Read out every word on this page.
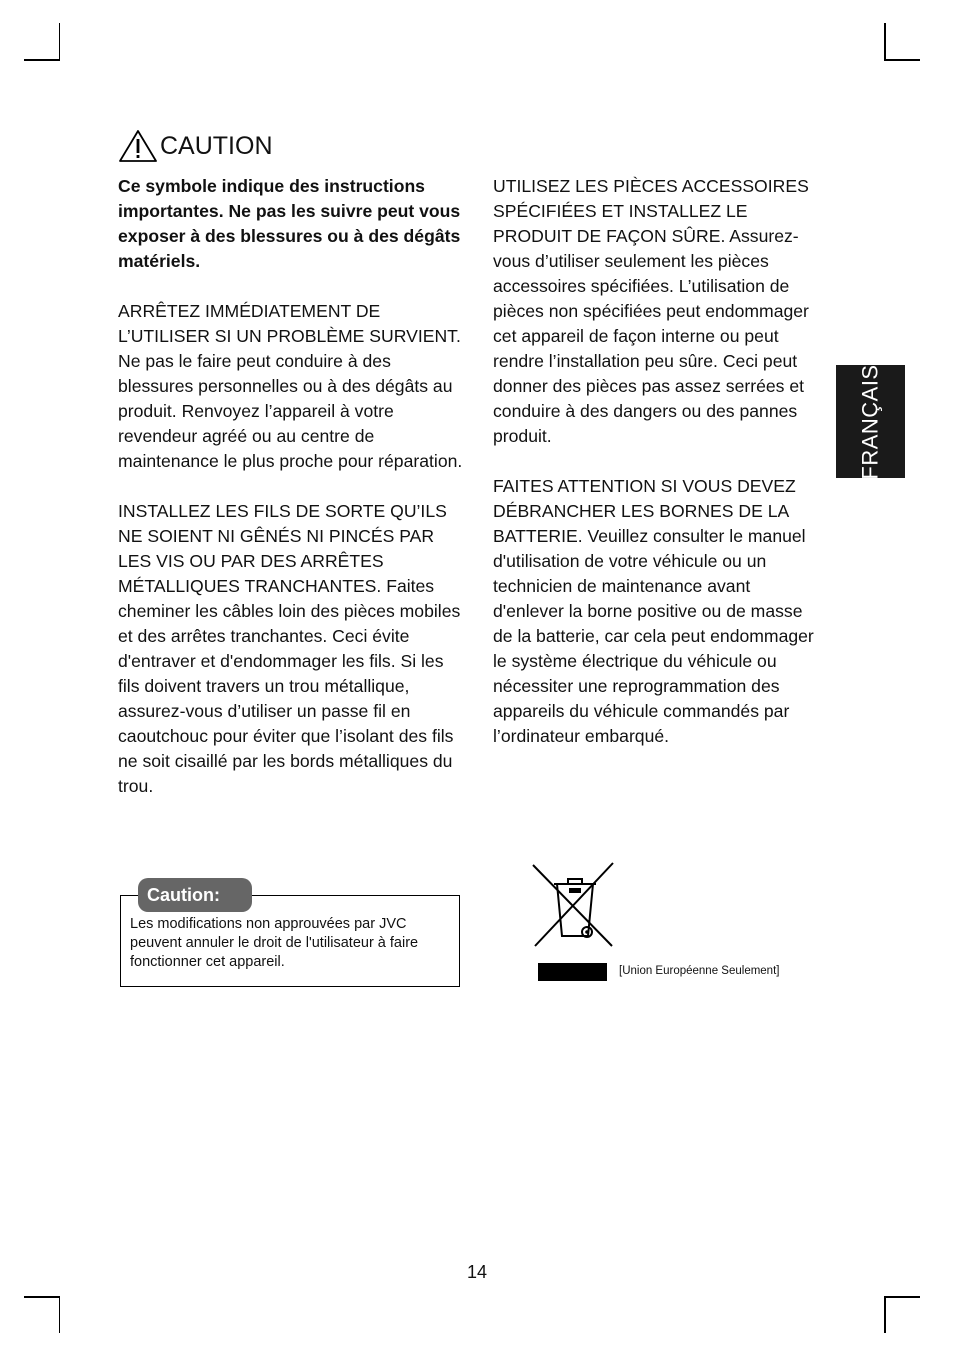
CAUTION

Ce symbole indique des instructions importantes. Ne pas les suivre peut vous exposer à des blessures ou à des dégâts matériels.

ARRÊTEZ IMMÉDIATEMENT DE L’UTILISER SI UN PROBLÈME SURVIENT. Ne pas le faire peut conduire à des blessures personnelles ou à des dégâts au produit. Renvoyez l’appareil à votre revendeur agréé ou au centre de maintenance le plus proche pour réparation.

INSTALLEZ LES FILS DE SORTE QU’ILS NE SOIENT NI GÊNÉS NI PINCÉS PAR LES VIS OU PAR DES ARRÊTES MÉTALLIQUES TRANCHANTES. Faites cheminer les câbles loin des pièces mobiles et des arrêtes tranchantes. Ceci évite d'entraver et d'endommager les fils. Si les fils doivent travers un trou métallique, assurez-vous d’utiliser un passe fil en caoutchouc pour éviter que l’isolant des fils ne soit cisaillé par les bords métalliques du trou.

UTILISEZ LES PIÈCES ACCESSOIRES SPÉCIFIÉES ET INSTALLEZ LE PRODUIT DE FAÇON SÛRE. Assurez-vous d’utiliser seulement les pièces accessoires spécifiées. L’utilisation de pièces non spécifiées peut endommager cet appareil de façon interne ou peut rendre l’installation peu sûre. Ceci peut donner des pièces pas assez serrées et conduire à des dangers ou des pannes produit.

FAITES ATTENTION SI VOUS DEVEZ DÉBRANCHER LES BORNES DE LA BATTERIE. Veuillez consulter le manuel d'utilisation de votre véhicule ou un technicien de maintenance avant d'enlever la borne positive ou de masse de la batterie, car cela peut endommager le système électrique du véhicule ou nécessiter une reprogrammation des appareils du véhicule commandés par l’ordinateur embarqué.

FRANÇAIS
Caution:
Les modifications non approuvées par JVC peuvent annuler le droit de l'utilisateur à faire fonctionner cet appareil.
[Union Européenne Seulement]
14
